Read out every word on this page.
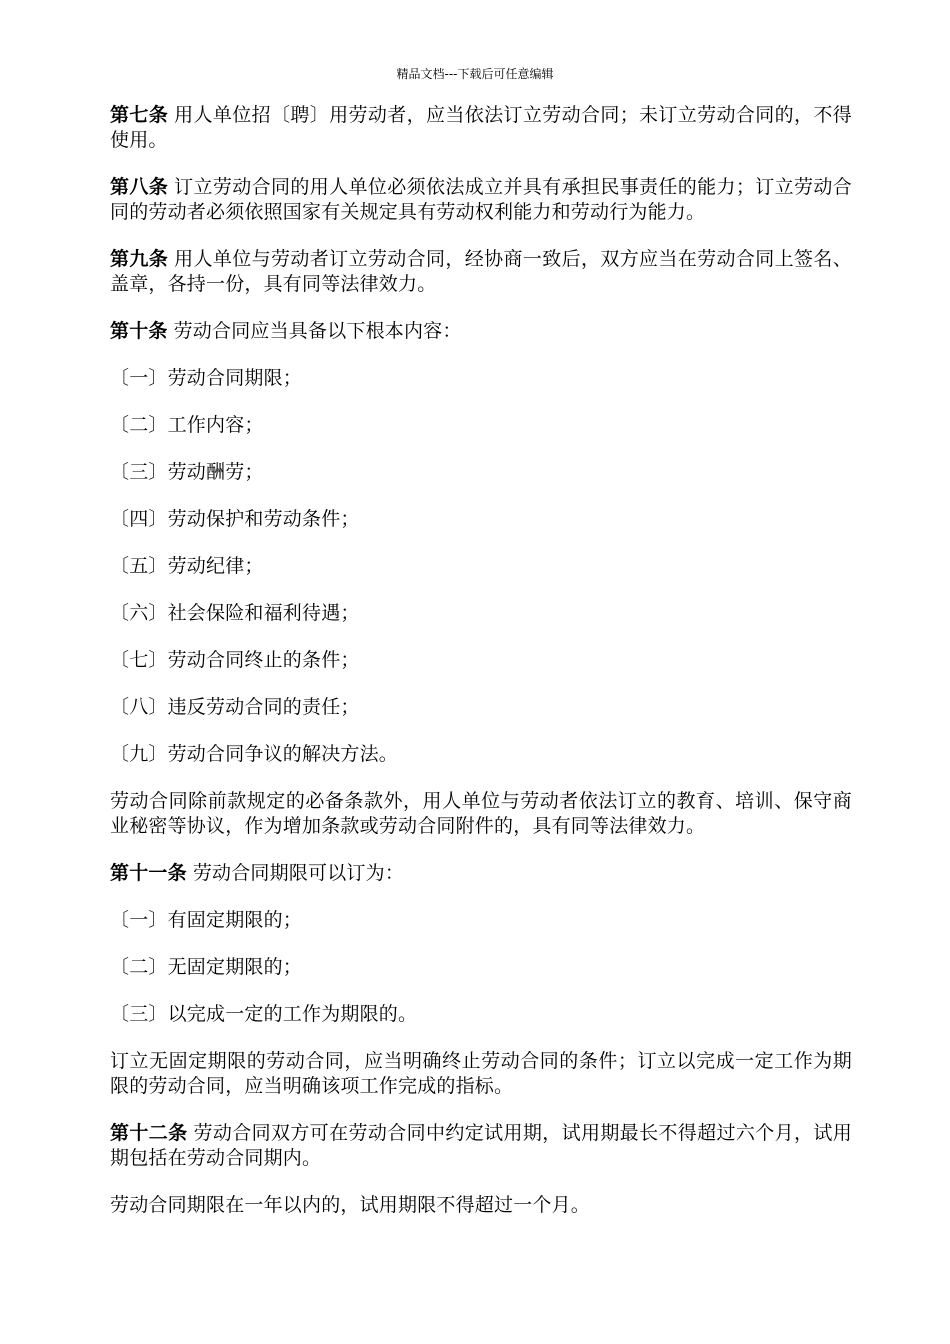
精品文档---下载后可任意编辑

第七条 用人单位招〔聘〕用劳动者，应当依法订立劳动合同；未订立劳动合同的，不得使用。

第八条 订立劳动合同的用人单位必须依法成立并具有承担民事责任的能力；订立劳动合同的劳动者必须依照国家有关规定具有劳动权利能力和劳动行为能力。

第九条 用人单位与劳动者订立劳动合同，经协商一致后，双方应当在劳动合同上签名、盖章，各持一份，具有同等法律效力。

第十条 劳动合同应当具备以下根本内容：

〔一〕劳动合同期限；

〔二〕工作内容；

〔三〕劳动酬劳；

〔四〕劳动保护和劳动条件；

〔五〕劳动纪律；

〔六〕社会保险和福利待遇；

〔七〕劳动合同终止的条件；

〔八〕违反劳动合同的责任；

〔九〕劳动合同争议的解决方法。

劳动合同除前款规定的必备条款外，用人单位与劳动者依法订立的教育、培训、保守商业秘密等协议，作为增加条款或劳动合同附件的，具有同等法律效力。

第十一条 劳动合同期限可以订为：

〔一〕有固定期限的；

〔二〕无固定期限的；

〔三〕以完成一定的工作为期限的。

订立无固定期限的劳动合同，应当明确终止劳动合同的条件；订立以完成一定工作为期限的劳动合同，应当明确该项工作完成的指标。

第十二条 劳动合同双方可在劳动合同中约定试用期，试用期最长不得超过六个月，试用期包括在劳动合同期内。

劳动合同期限在一年以内的，试用期限不得超过一个月。
